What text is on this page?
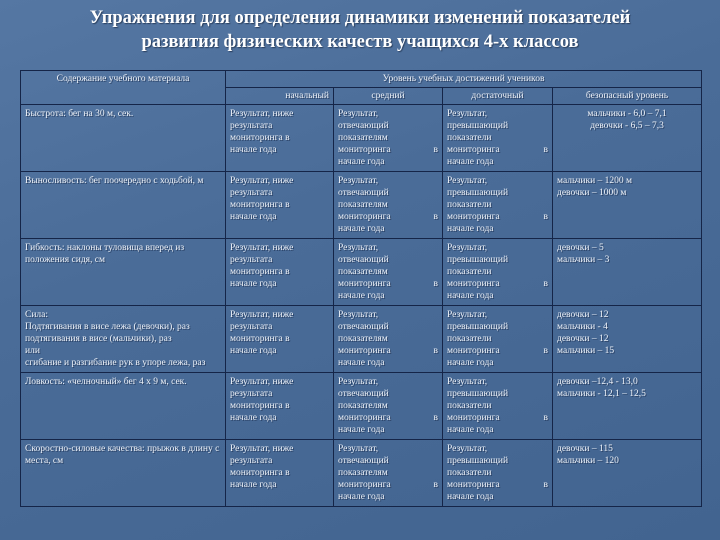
Упражнения для определения динамики изменений показателей
развития физических качеств учащихся 4-х классов
Содержание учебного материала	Уровень учебных достижений учеников			
	начальный	средний	достаточный	безопасный уровень
Быстрота: бег на 30 м, сек.	Результат, ниже
результата
мониторинга в
начале года	Результат,
отвечающий
показателям
мониторинга в
начале года	Результат,
превышающий
показатели
мониторинга в
начале года	мальчики - 6,0 – 7,1
девочки - 6,5 – 7,3

Выносливость: бег поочередно с ходьбой, м	Результат, ниже
результата
мониторинга в
начале года	Результат,
отвечающий
показателям
мониторинга в
начале года	Результат,
превышающий
показатели
мониторинга в
начале года	мальчики – 1200 м
девочки – 1000 м

Гибкость: наклоны туловища вперед из положения сидя, см	Результат, ниже
результата
мониторинга в
начале года	Результат,
отвечающий
показателям
мониторинга в
начале года	Результат,
превышающий
показатели
мониторинга в
начале года	девочки – 5
мальчики – 3

Сила:
Подтягивания в висе лежа (девочки), раз
подтягивания в висе (мальчики), раз
или
сгибание и разгибание рук в упоре лежа, раз	Результат, ниже
результата
мониторинга в
начале года	Результат,
отвечающий
показателям
мониторинга в
начале года	Результат,
превышающий
показатели
мониторинга в
начале года	девочки – 12
мальчики - 4
девочки – 12
мальчики – 15

Ловкость: «челночный» бег 4 х 9 м, сек.	Результат, ниже
результата
мониторинга в
начале года	Результат,
отвечающий
показателям
мониторинга в
начале года	Результат,
превышающий
показатели
мониторинга в
начале года	девочки –12,4 - 13,0
мальчики - 12,1 – 12,5

Скоростно-силовые качества: прыжок в длину с места, см	Результат, ниже
результата
мониторинга в
начале года	Результат,
отвечающий
показателям
мониторинга в
начале года	Результат,
превышающий
показатели
мониторинга в
начале года	девочки – 115
мальчики – 120
